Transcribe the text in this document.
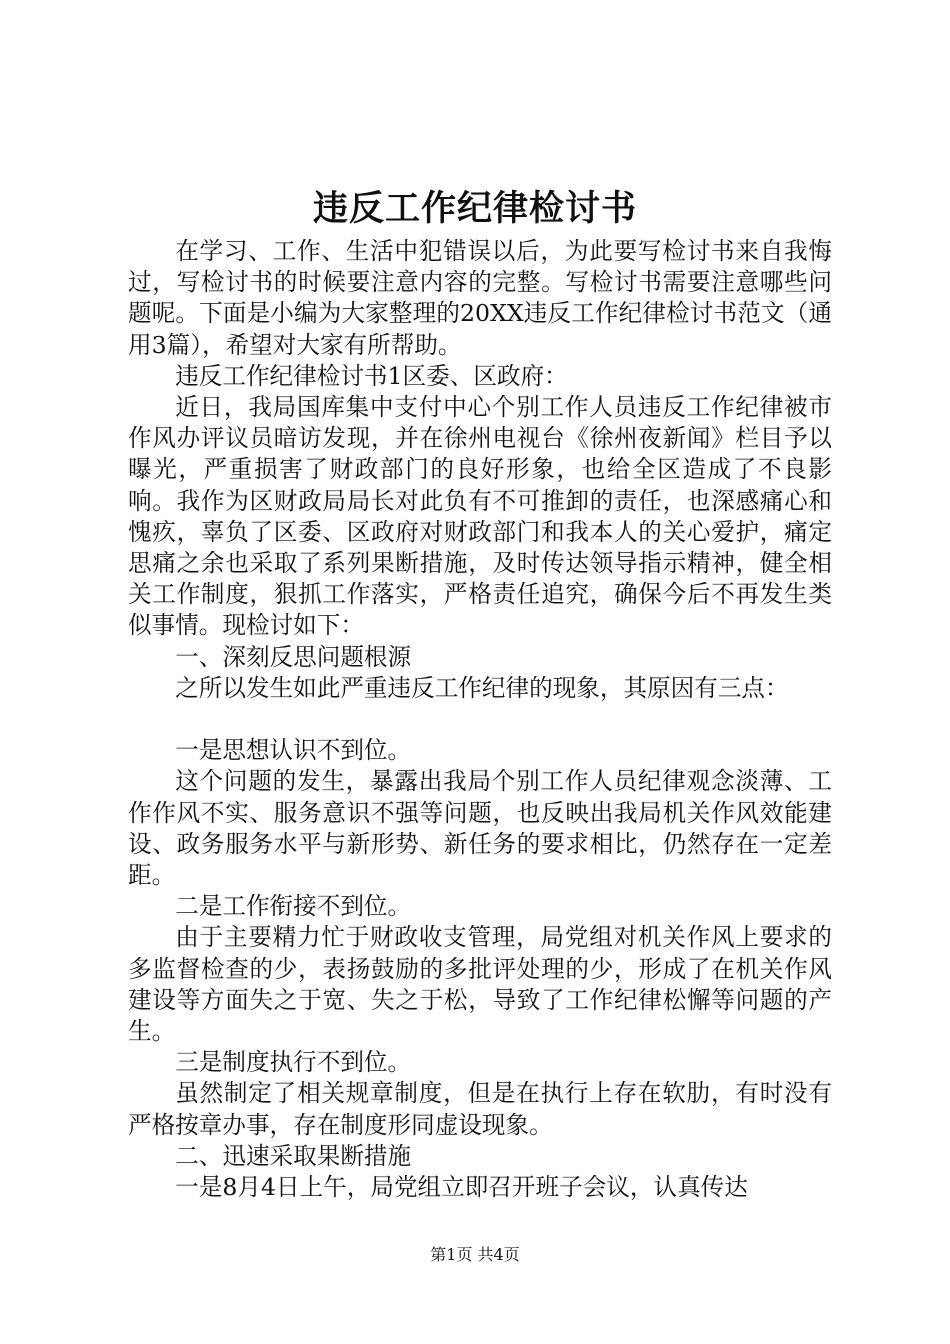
违反工作纪律检讨书

在学习、工作、生活中犯错误以后，为此要写检讨书来自我悔过，写检讨书的时候要注意内容的完整。写检讨书需要注意哪些问题呢。下面是小编为大家整理的20XX违反工作纪律检讨书范文（通用3篇），希望对大家有所帮助。

违反工作纪律检讨书1区委、区政府：

近日，我局国库集中支付中心个别工作人员违反工作纪律被市作风办评议员暗访发现，并在徐州电视台《徐州夜新闻》栏目予以曝光，严重损害了财政部门的良好形象，也给全区造成了不良影响。我作为区财政局局长对此负有不可推卸的责任，也深感痛心和愧疚，辜负了区委、区政府对财政部门和我本人的关心爱护，痛定思痛之余也采取了系列果断措施，及时传达领导指示精神，健全相关工作制度，狠抓工作落实，严格责任追究，确保今后不再发生类似事情。现检讨如下：

一、深刻反思问题根源

之所以发生如此严重违反工作纪律的现象，其原因有三点：

一是思想认识不到位。

这个问题的发生，暴露出我局个别工作人员纪律观念淡薄、工作作风不实、服务意识不强等问题，也反映出我局机关作风效能建设、政务服务水平与新形势、新任务的要求相比，仍然存在一定差距。

二是工作衔接不到位。

由于主要精力忙于财政收支管理，局党组对机关作风上要求的多监督检查的少，表扬鼓励的多批评处理的少，形成了在机关作风建设等方面失之于宽、失之于松，导致了工作纪律松懈等问题的产生。

三是制度执行不到位。

虽然制定了相关规章制度，但是在执行上存在软肋，有时没有严格按章办事，存在制度形同虚设现象。

二、迅速采取果断措施

一是8月4日上午，局党组立即召开班子会议，认真传达

第1页 共4页
